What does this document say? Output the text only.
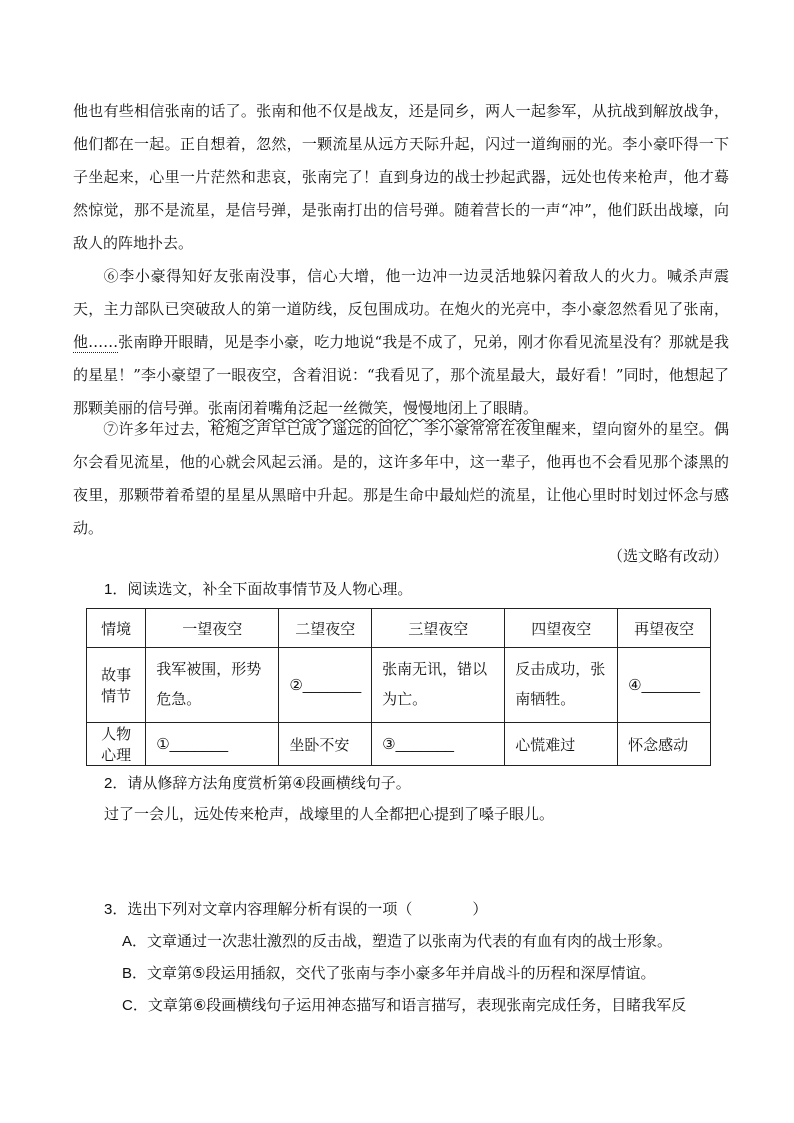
他也有些相信张南的话了。张南和他不仅是战友，还是同乡，两人一起参军，从抗战到解放战争，他们都在一起。正自想着，忽然，一颗流星从远方天际升起，闪过一道绚丽的光。李小豪吓得一下子坐起来，心里一片茫然和悲哀，张南完了！直到身边的战士抄起武器，远处也传来枪声，他才蓦然惊觉，那不是流星，是信号弹，是张南打出的信号弹。随着营长的一声“冲”，他们跃出战壕，向敌人的阵地扑去。

⑥李小豪得知好友张南没事，信心大增，他一边冲一边灵活地躲闪着敌人的火力。喊杀声震天，主力部队已突破敌人的第一道防线，反包围成功。在炮火的光亮中，李小豪忽然看见了张南，他……张南睁开眼睛，见是李小豪，吃力地说“我是不成了，兄弟，刚才你看见流星没有？那就是我的星星！”李小豪望了一眼夜空，含着泪说：“我看见了，那个流星最大，最好看！”同时，他想起了那颗美丽的信号弹。张南闭着嘴角泛起一丝微笑，慢慢地闭上了眼睛。

⑦许多年过去，枪炮之声早已成了遥远的回忆，李小豪常常在夜里醒来，望向窗外的星空。偶尔会看见流星，他的心就会风起云涌。是的，这许多年中，这一辈子，他再也不会看见那个漆黑的夜里，那颗带着希望的星星从黑暗中升起。那是生命中最灿烂的流星，让他心里时时划过怀念与感动。

（选文略有改动）
1．阅读选文，补全下面故事情节及人物心理。
情境	一望夜空	二望夜空	三望夜空	四望夜空	再望夜空
故事情节	我军被围，形势危急。	②_______	张南无讯，错以为亡。	反击成功，张南牺牲。	④_______
人物心理	①_______	坐卧不安	③_______	心慌难过	怀念感动
2．请从修辞方法角度赏析第④段画横线句子。
过了一会儿，远处传来枪声，战壕里的人全都把心提到了嗓子眼儿。
3．选出下列对文章内容理解分析有误的一项（　　　　）
A．文章通过一次悲壮激烈的反击战，塑造了以张南为代表的有血有肉的战士形象。
B．文章第⑤段运用插叙，交代了张南与李小豪多年并肩战斗的历程和深厚情谊。
C．文章第⑥段画横线句子运用神态描写和语言描写，表现张南完成任务，目睹我军反
